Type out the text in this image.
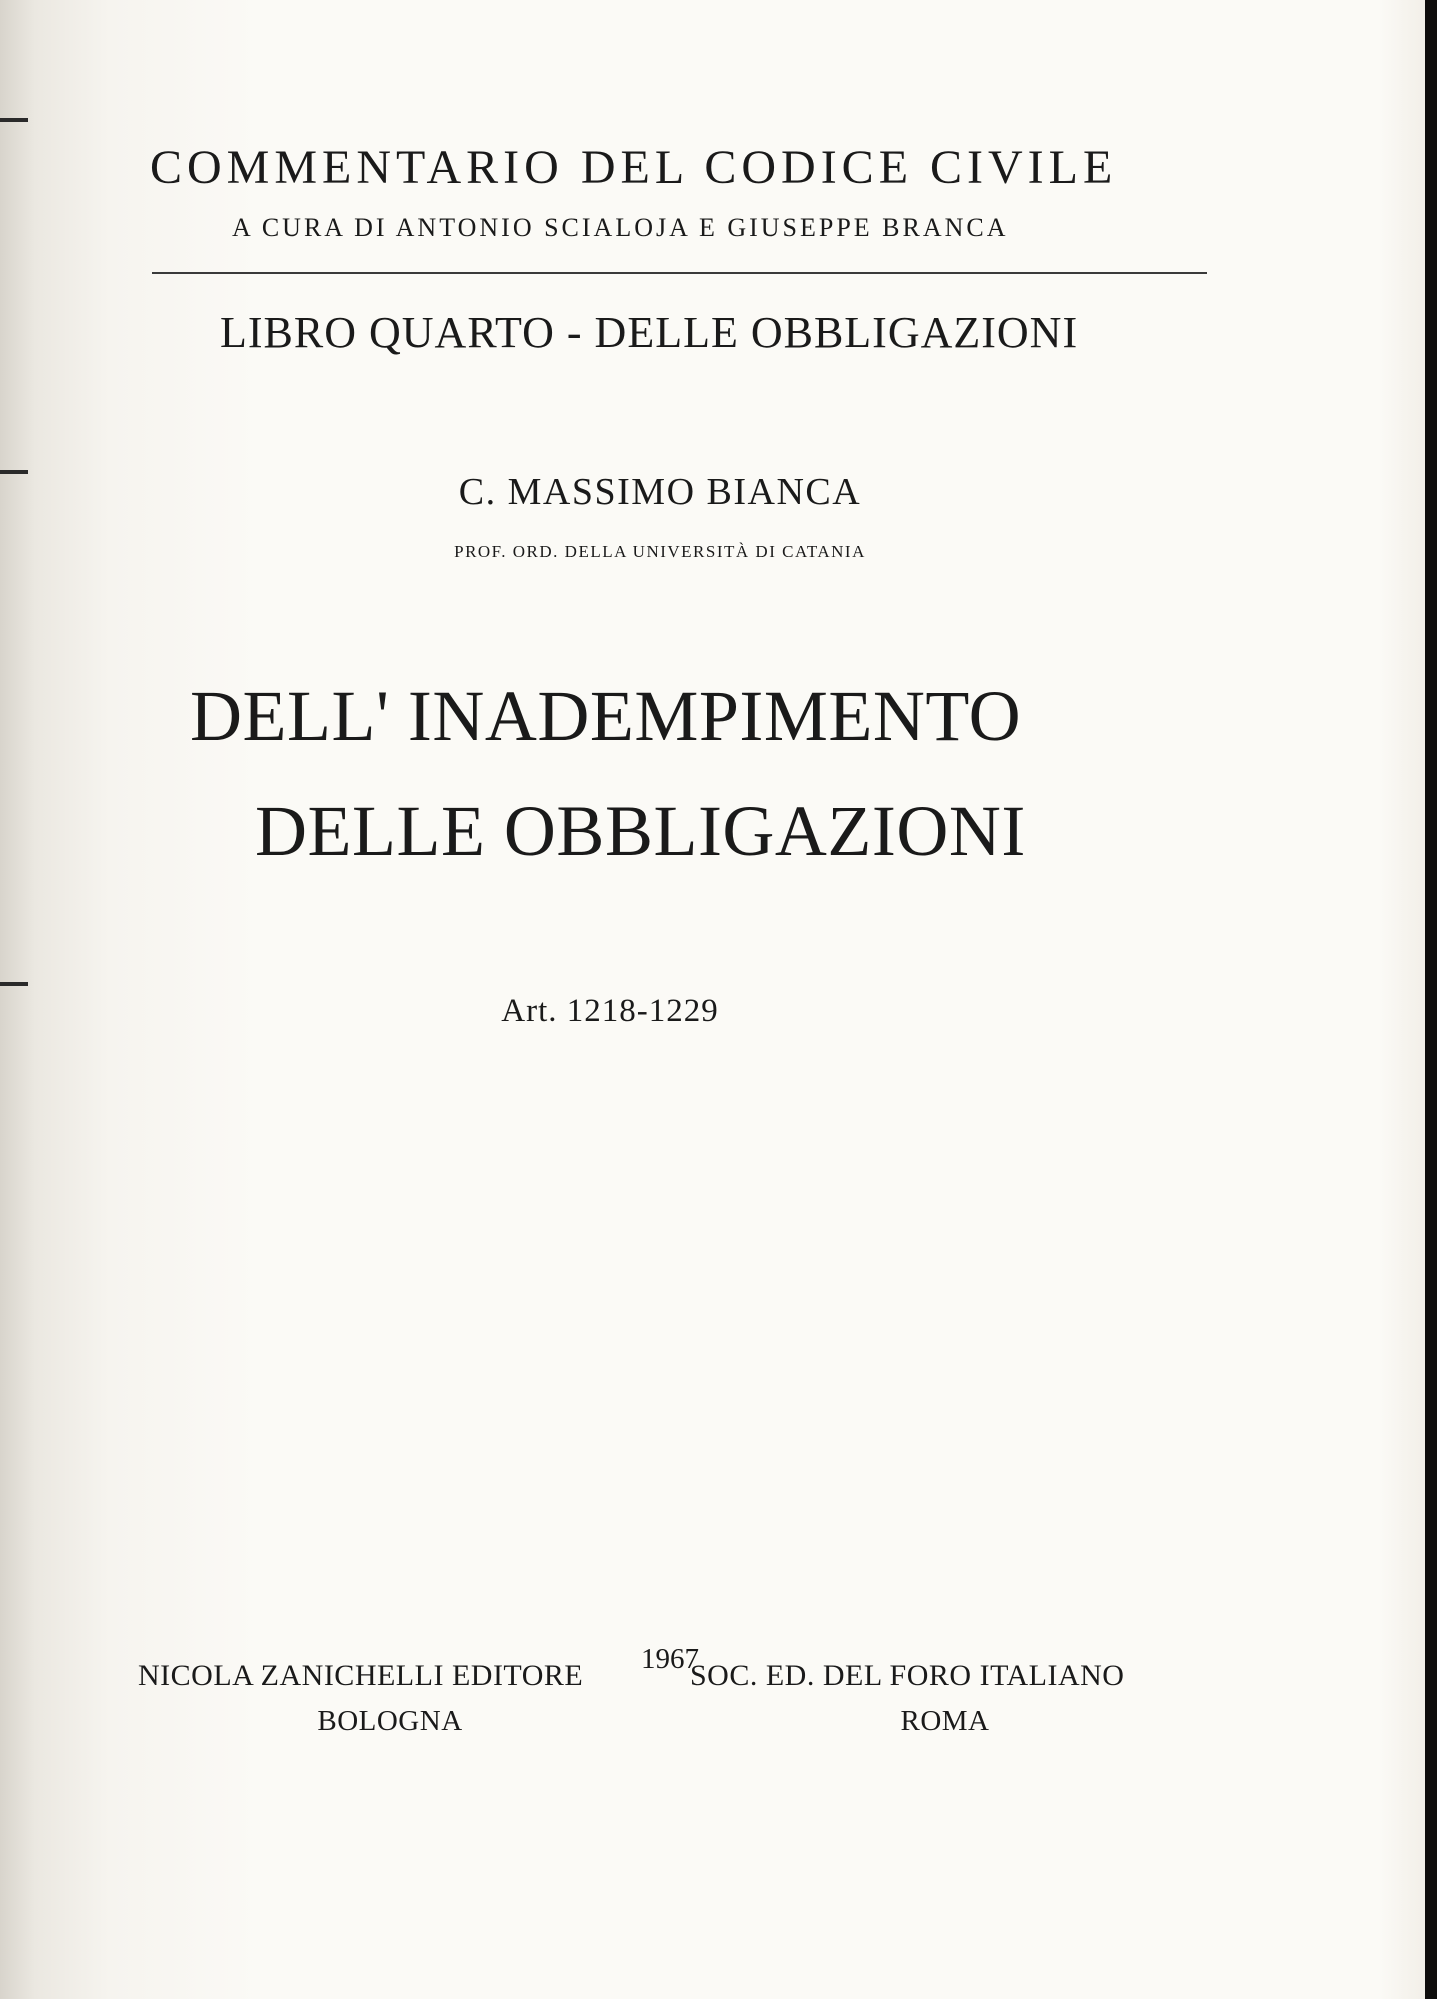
COMMENTARIO DEL CODICE CIVILE
A CURA DI ANTONIO SCIALOJA E GIUSEPPE BRANCA
LIBRO QUARTO - DELLE OBBLIGAZIONI
C. MASSIMO BIANCA
PROF. ORD. DELLA UNIVERSITÀ DI CATANIA
DELL' INADEMPIMENTO
DELLE OBBLIGAZIONI
Art. 1218-1229
1967
NICOLA ZANICHELLI EDITORE
BOLOGNA
SOC. ED. DEL FORO ITALIANO
ROMA
